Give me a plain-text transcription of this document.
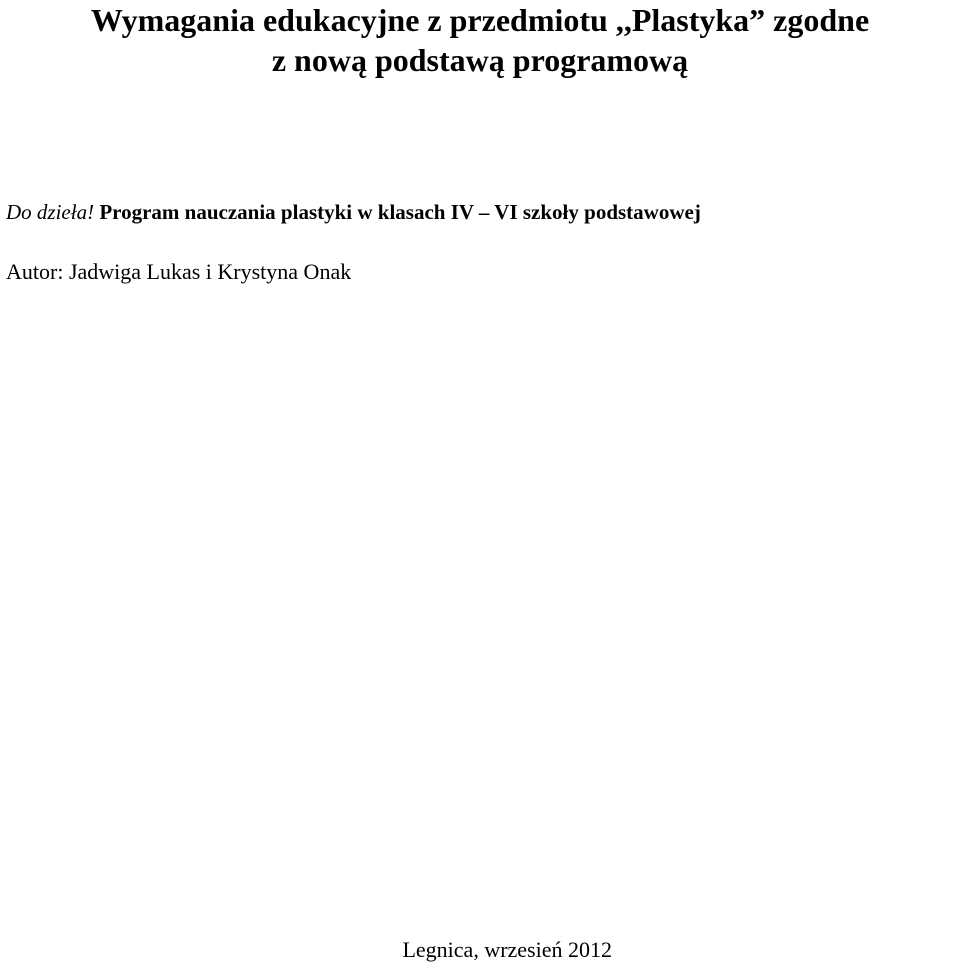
Wymagania edukacyjne z przedmiotu ,,Plastyka” zgodne
z nową podstawą programową

Do dzieła! Program nauczania plastyki w klasach IV – VI szkoły podstawowej

Autor: Jadwiga Lukas i Krystyna Onak

Legnica, wrzesień 2012
